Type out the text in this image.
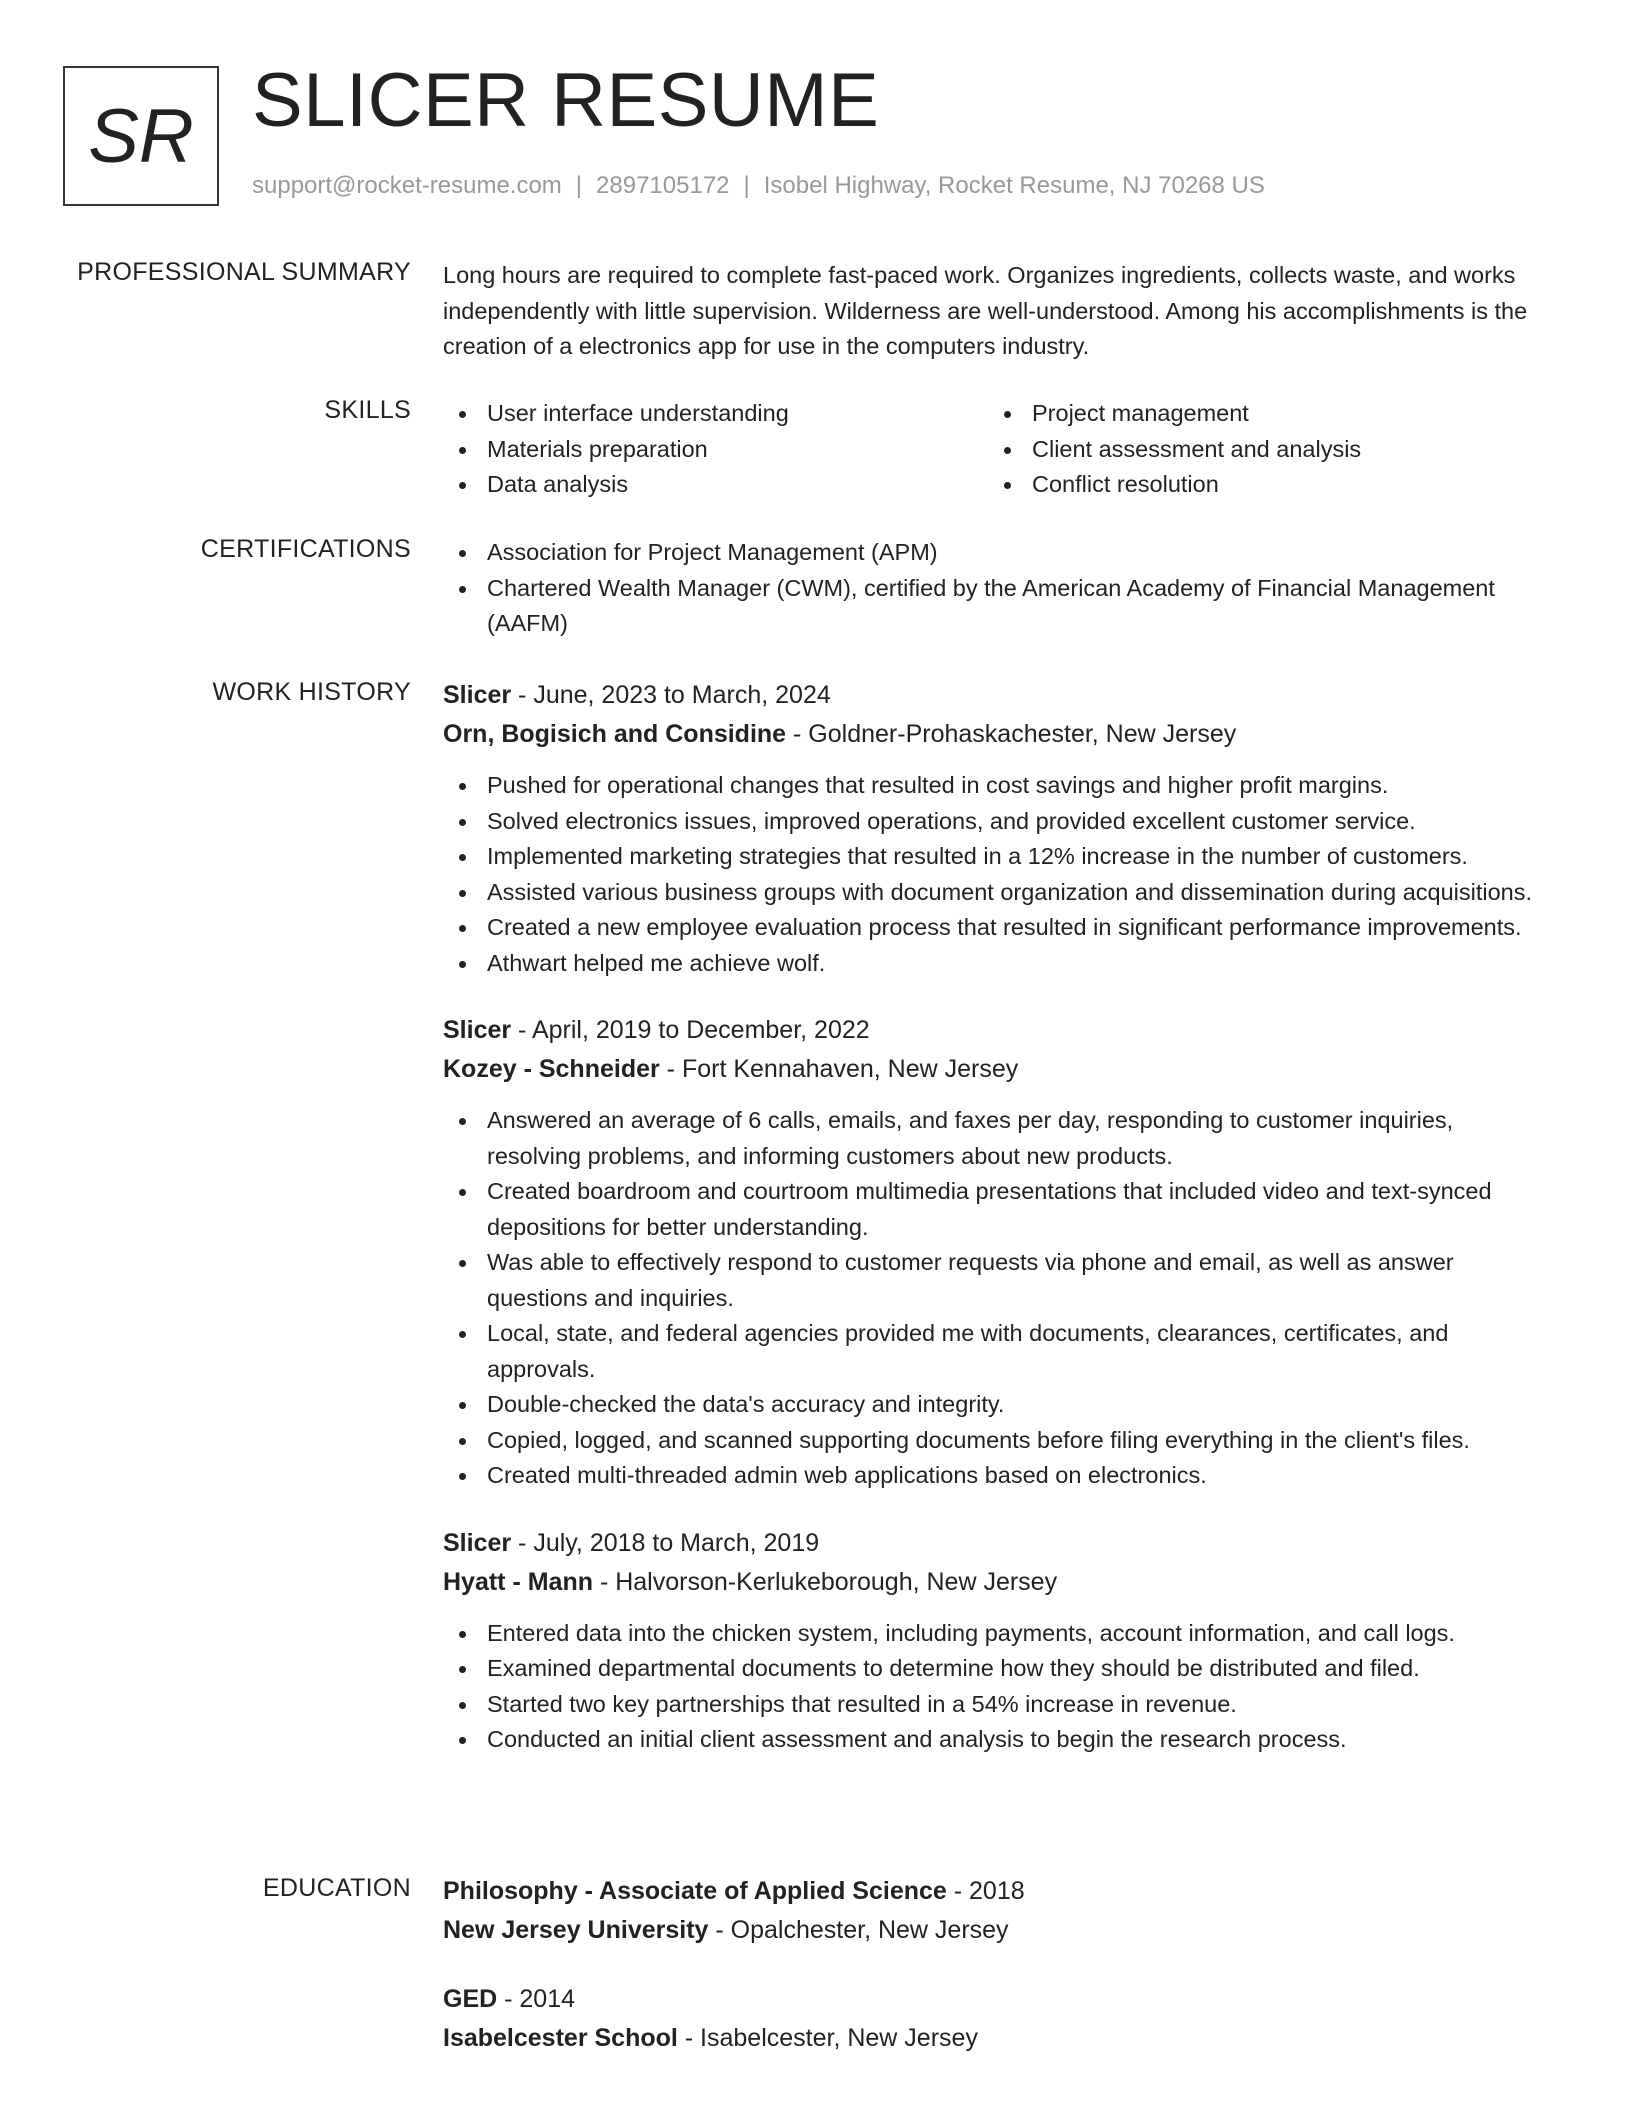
SR SLICER RESUME
support@rocket-resume.com | 2897105172 | Isobel Highway, Rocket Resume, NJ 70268 US
PROFESSIONAL SUMMARY Long hours are required to complete fast-paced work. Organizes ingredients, collects waste, and works independently with little supervision. Wilderness are well-understood. Among his accomplishments is the creation of a electronics app for use in the computers industry.
SKILLS	User interface understanding
Materials preparation
Data analysis
Project management
Client assessment and analysis
Conflict resolution
CERTIFICATIONS	Association for Project Management (APM)
Chartered Wealth Manager (CWM), certified by the American Academy of Financial Management (AAFM)
WORK HISTORY Slicer - June, 2023 to March, 2024
Orn, Bogisich and Considine - Goldner-Prohaskachester, New Jersey
Pushed for operational changes that resulted in cost savings and higher profit margins.
Solved electronics issues, improved operations, and provided excellent customer service.
Implemented marketing strategies that resulted in a 12% increase in the number of customers.
Assisted various business groups with document organization and dissemination during acquisitions.
Created a new employee evaluation process that resulted in significant performance improvements.
Athwart helped me achieve wolf.
Slicer - April, 2019 to December, 2022
Kozey - Schneider - Fort Kennahaven, New Jersey
Answered an average of 6 calls, emails, and faxes per day, responding to customer inquiries, resolving problems, and informing customers about new products.
Created boardroom and courtroom multimedia presentations that included video and text-synced depositions for better understanding.
Was able to effectively respond to customer requests via phone and email, as well as answer questions and inquiries.
Local, state, and federal agencies provided me with documents, clearances, certificates, and approvals.
Double-checked the data's accuracy and integrity.
Copied, logged, and scanned supporting documents before filing everything in the client's files.
Created multi-threaded admin web applications based on electronics.
Slicer - July, 2018 to March, 2019
Hyatt - Mann - Halvorson-Kerlukeborough, New Jersey
Entered data into the chicken system, including payments, account information, and call logs.
Examined departmental documents to determine how they should be distributed and filed.
Started two key partnerships that resulted in a 54% increase in revenue.
Conducted an initial client assessment and analysis to begin the research process.
EDUCATION Philosophy - Associate of Applied Science - 2018
New Jersey University - Opalchester, New Jersey
GED - 2014
Isabelcester School - Isabelcester, New Jersey
